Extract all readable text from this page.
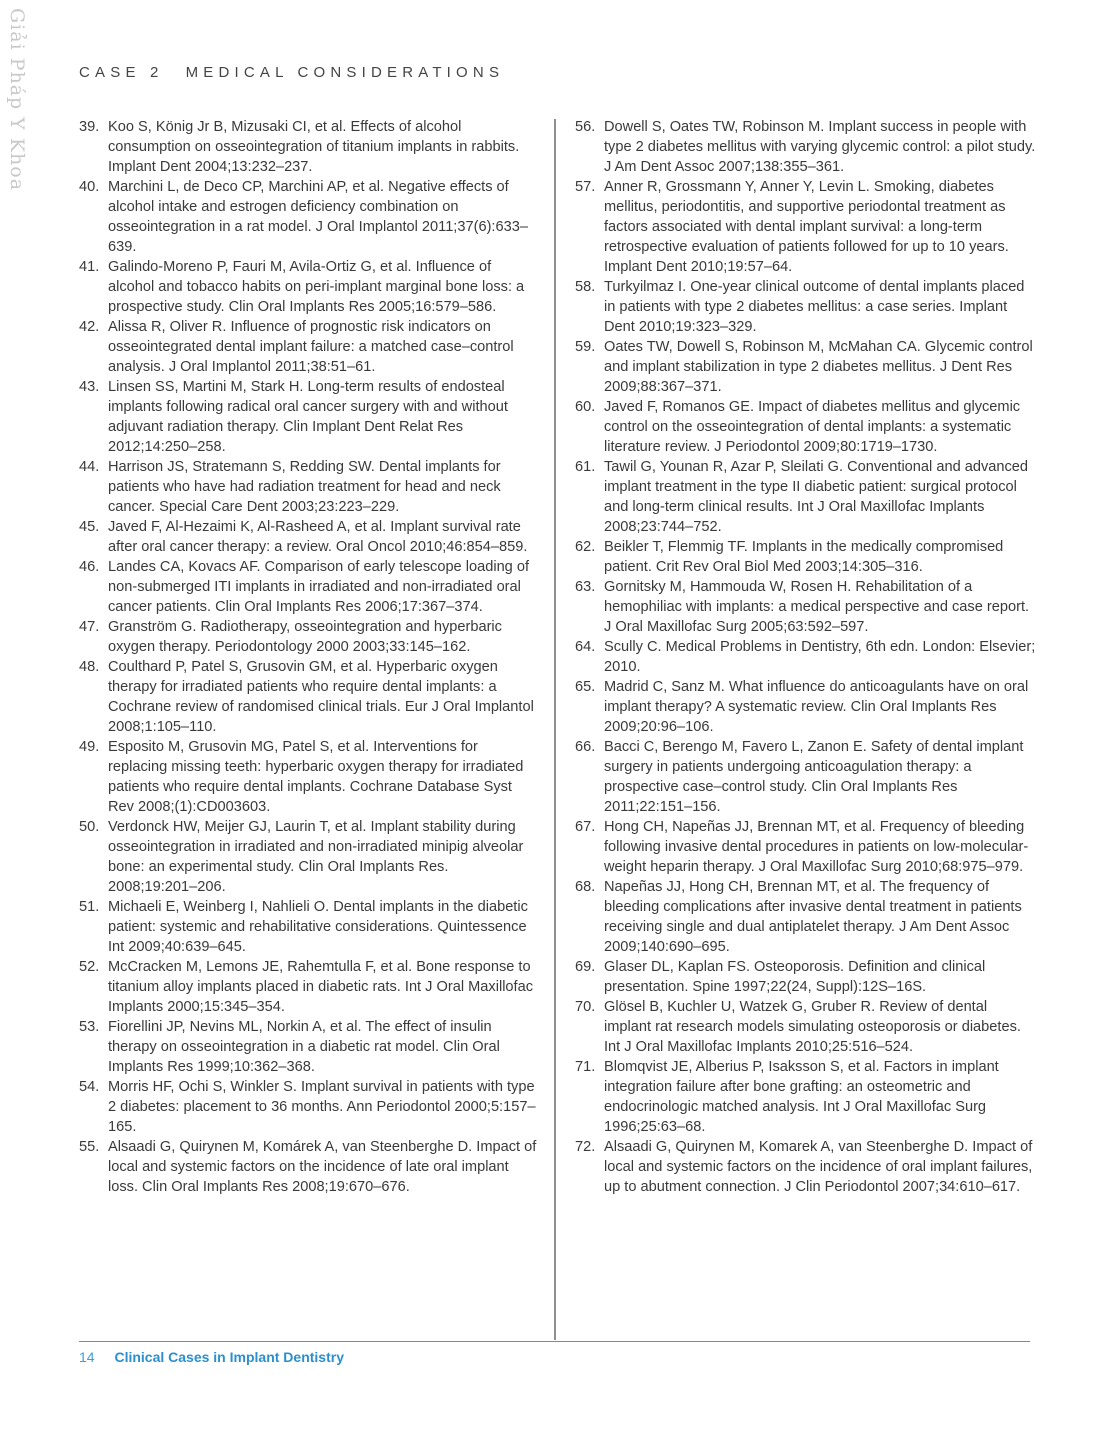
Giải Pháp Y Khoa	CASE 2 MEDICAL CONSIDERATIONS
39. Koo S, König Jr B, Mizusaki CI, et al. Effects of alcohol consumption on osseointegration of titanium implants in rabbits. Implant Dent 2004;13:232–237.
40. Marchini L, de Deco CP, Marchini AP, et al. Negative effects of alcohol intake and estrogen deficiency combination on osseointegration in a rat model. J Oral Implantol 2011;37(6):633–639.
41. Galindo-Moreno P, Fauri M, Avila-Ortiz G, et al. Influence of alcohol and tobacco habits on peri-implant marginal bone loss: a prospective study. Clin Oral Implants Res 2005;16:579–586.
42. Alissa R, Oliver R. Influence of prognostic risk indicators on osseointegrated dental implant failure: a matched case–control analysis. J Oral Implantol 2011;38:51–61.
43. Linsen SS, Martini M, Stark H. Long-term results of endosteal implants following radical oral cancer surgery with and without adjuvant radiation therapy. Clin Implant Dent Relat Res 2012;14:250–258.
44. Harrison JS, Stratemann S, Redding SW. Dental implants for patients who have had radiation treatment for head and neck cancer. Special Care Dent 2003;23:223–229.
45. Javed F, Al-Hezaimi K, Al-Rasheed A, et al. Implant survival rate after oral cancer therapy: a review. Oral Oncol 2010;46:854–859.
46. Landes CA, Kovacs AF. Comparison of early telescope loading of non-submerged ITI implants in irradiated and non-irradiated oral cancer patients. Clin Oral Implants Res 2006;17:367–374.
47. Granström G. Radiotherapy, osseointegration and hyperbaric oxygen therapy. Periodontology 2000 2003;33:145–162.
48. Coulthard P, Patel S, Grusovin GM, et al. Hyperbaric oxygen therapy for irradiated patients who require dental implants: a Cochrane review of randomised clinical trials. Eur J Oral Implantol 2008;1:105–110.
49. Esposito M, Grusovin MG, Patel S, et al. Interventions for replacing missing teeth: hyperbaric oxygen therapy for irradiated patients who require dental implants. Cochrane Database Syst Rev 2008;(1):CD003603.
50. Verdonck HW, Meijer GJ, Laurin T, et al. Implant stability during osseointegration in irradiated and non-irradiated minipig alveolar bone: an experimental study. Clin Oral Implants Res. 2008;19:201–206.
51. Michaeli E, Weinberg I, Nahlieli O. Dental implants in the diabetic patient: systemic and rehabilitative considerations. Quintessence Int 2009;40:639–645.
52. McCracken M, Lemons JE, Rahemtulla F, et al. Bone response to titanium alloy implants placed in diabetic rats. Int J Oral Maxillofac Implants 2000;15:345–354.
53. Fiorellini JP, Nevins ML, Norkin A, et al. The effect of insulin therapy on osseointegration in a diabetic rat model. Clin Oral Implants Res 1999;10:362–368.
54. Morris HF, Ochi S, Winkler S. Implant survival in patients with type 2 diabetes: placement to 36 months. Ann Periodontol 2000;5:157–165.
55. Alsaadi G, Quirynen M, Komárek A, van Steenberghe D. Impact of local and systemic factors on the incidence of late oral implant loss. Clin Oral Implants Res 2008;19:670–676.
56. Dowell S, Oates TW, Robinson M. Implant success in people with type 2 diabetes mellitus with varying glycemic control: a pilot study. J Am Dent Assoc 2007;138:355–361.
57. Anner R, Grossmann Y, Anner Y, Levin L. Smoking, diabetes mellitus, periodontitis, and supportive periodontal treatment as factors associated with dental implant survival: a long-term retrospective evaluation of patients followed for up to 10 years. Implant Dent 2010;19:57–64.
58. Turkyilmaz I. One-year clinical outcome of dental implants placed in patients with type 2 diabetes mellitus: a case series. Implant Dent 2010;19:323–329.
59. Oates TW, Dowell S, Robinson M, McMahan CA. Glycemic control and implant stabilization in type 2 diabetes mellitus. J Dent Res 2009;88:367–371.
60. Javed F, Romanos GE. Impact of diabetes mellitus and glycemic control on the osseointegration of dental implants: a systematic literature review. J Periodontol 2009;80:1719–1730.
61. Tawil G, Younan R, Azar P, Sleilati G. Conventional and advanced implant treatment in the type II diabetic patient: surgical protocol and long-term clinical results. Int J Oral Maxillofac Implants 2008;23:744–752.
62. Beikler T, Flemmig TF. Implants in the medically compromised patient. Crit Rev Oral Biol Med 2003;14:305–316.
63. Gornitsky M, Hammouda W, Rosen H. Rehabilitation of a hemophiliac with implants: a medical perspective and case report. J Oral Maxillofac Surg 2005;63:592–597.
64. Scully C. Medical Problems in Dentistry, 6th edn. London: Elsevier; 2010.
65. Madrid C, Sanz M. What influence do anticoagulants have on oral implant therapy? A systematic review. Clin Oral Implants Res 2009;20:96–106.
66. Bacci C, Berengo M, Favero L, Zanon E. Safety of dental implant surgery in patients undergoing anticoagulation therapy: a prospective case–control study. Clin Oral Implants Res 2011;22:151–156.
67. Hong CH, Napeñas JJ, Brennan MT, et al. Frequency of bleeding following invasive dental procedures in patients on low-molecular-weight heparin therapy. J Oral Maxillofac Surg 2010;68:975–979.
68. Napeñas JJ, Hong CH, Brennan MT, et al. The frequency of bleeding complications after invasive dental treatment in patients receiving single and dual antiplatelet therapy. J Am Dent Assoc 2009;140:690–695.
69. Glaser DL, Kaplan FS. Osteoporosis. Definition and clinical presentation. Spine 1997;22(24, Suppl):12S–16S.
70. Glösel B, Kuchler U, Watzek G, Gruber R. Review of dental implant rat research models simulating osteoporosis or diabetes. Int J Oral Maxillofac Implants 2010;25:516–524.
71. Blomqvist JE, Alberius P, Isaksson S, et al. Factors in implant integration failure after bone grafting: an osteometric and endocrinologic matched analysis. Int J Oral Maxillofac Surg 1996;25:63–68.
72. Alsaadi G, Quirynen M, Komarek A, van Steenberghe D. Impact of local and systemic factors on the incidence of oral implant failures, up to abutment connection. J Clin Periodontol 2007;34:610–617.
14 Clinical Cases in Implant Dentistry
